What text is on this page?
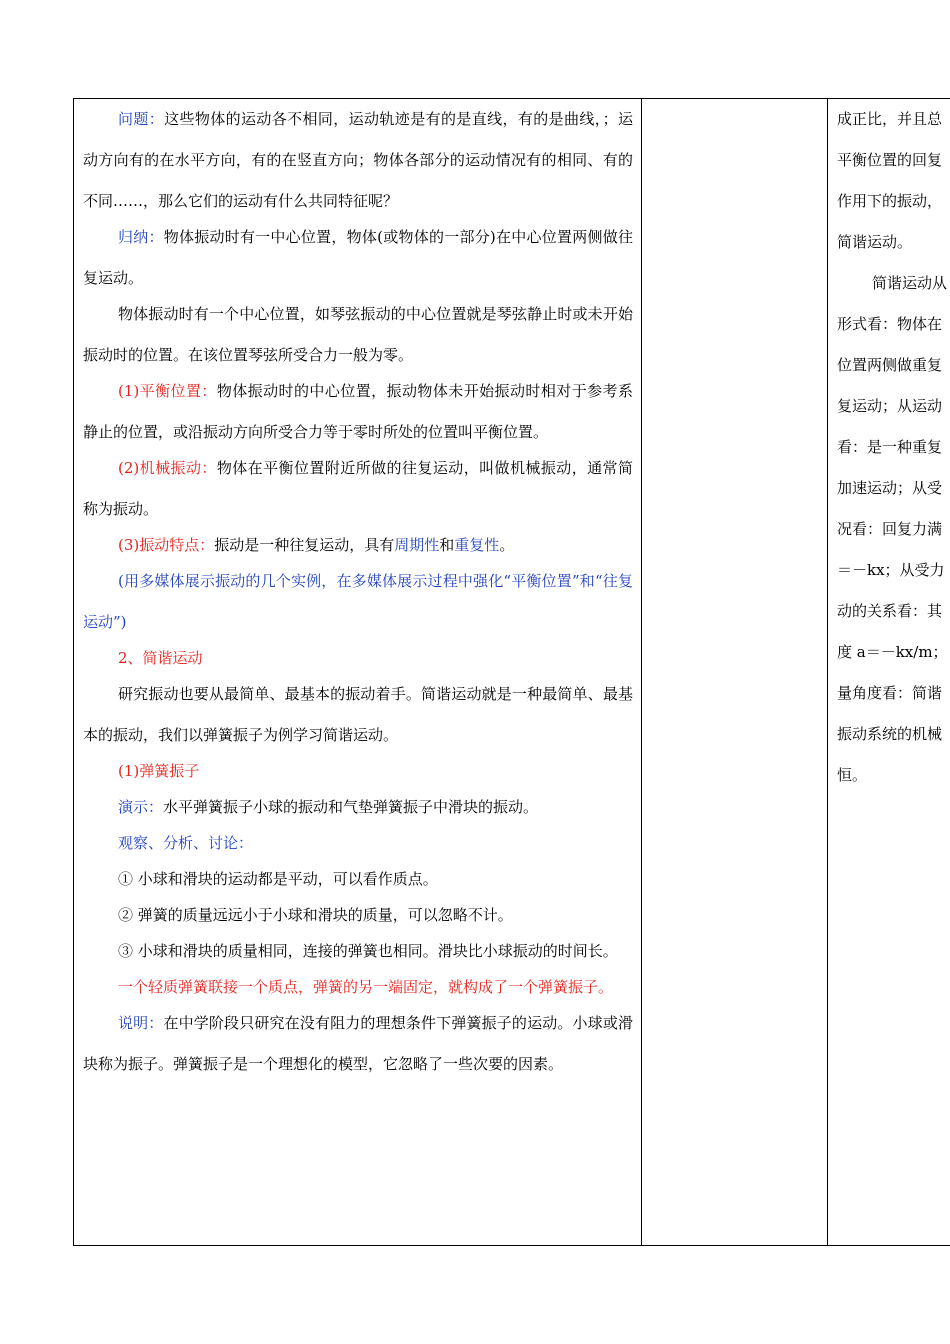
问题：这些物体的运动各不相同，运动轨迹是有的是直线，有的是曲线，；运动方向有的在水平方向，有的在竖直方向；物体各部分的运动情况有的相同、有的不同……，那么它们的运动有什么共同特征呢？

归纳：物体振动时有一中心位置，物体(或物体的一部分)在中心位置两侧做往复运动。

物体振动时有一个中心位置，如琴弦振动的中心位置就是琴弦静止时或未开始振动时的位置。在该位置琴弦所受合力一般为零。

(1)平衡位置：物体振动时的中心位置，振动物体未开始振动时相对于参考系静止的位置，或沿振动方向所受合力等于零时所处的位置叫平衡位置。

(2)机械振动：物体在平衡位置附近所做的往复运动，叫做机械振动，通常简称为振动。

(3)振动特点：振动是一种往复运动，具有周期性和重复性。

(用多媒体展示振动的几个实例，在多媒体展示过程中强化“平衡位置”和“往复运动”)

2、简谐运动

研究振动也要从最简单、最基本的振动着手。简谐运动就是一种最简单、最基本的振动，我们以弹簧振子为例学习简谐运动。

(1)弹簧振子

演示：水平弹簧振子小球的振动和气垫弹簧振子中滑块的振动。

观察、分析、讨论：

① 小球和滑块的运动都是平动，可以看作质点。

② 弹簧的质量远远小于小球和滑块的质量，可以忽略不计。

③ 小球和滑块的质量相同，连接的弹簧也相同。滑块比小球振动的时间长。

一个轻质弹簧联接一个质点，弹簧的另一端固定，就构成了一个弹簧振子。

说明：在中学阶段只研究在没有阻力的理想条件下弹簧振子的运动。小球或滑块称为振子。弹簧振子是一个理想化的模型，它忽略了一些次要的因素。

成正比，并且总
平衡位置的回复
作用下的振动，
简谐运动。
简谐运动从
形式看：物体在
位置两侧做重复
复运动；从运动
看：是一种重复
加速运动；从受
况看：回复力满
＝－kx；从受力
动的关系看：其
度 a＝－kx/m；
量角度看：简谐
振动系统的机械
恒。
